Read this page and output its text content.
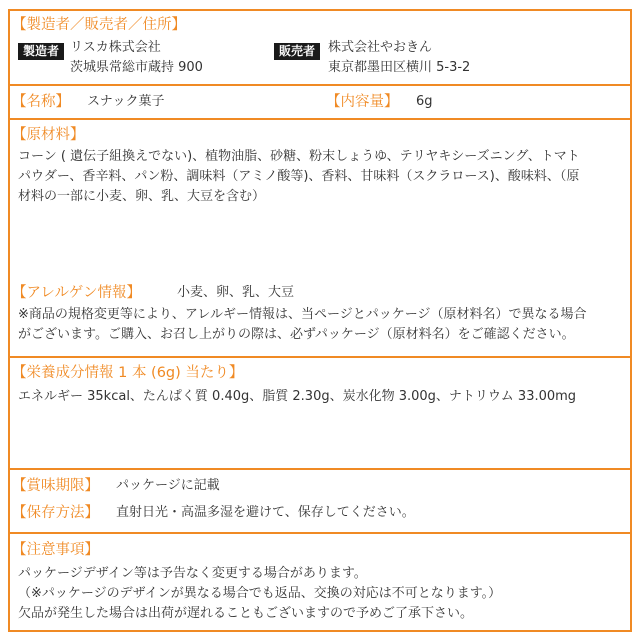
【製造者／販売者／住所】
製造者 リスカ株式会社
茨城県常総市蔵持 900
販売者 株式会社やおきん
東京都墨田区横川 5-3-2
【名称】 スナック菓子	【内容量】 6g
【原材料】
コーン ( 遺伝子組換えでない)、植物油脂、砂糖、粉末しょうゆ、テリヤキシーズニング、トマト
パウダー、香辛料、パン粉、調味料（アミノ酸等)、香料、甘味料（スクラロース)、酸味料、（原
材料の一部に小麦、卵、乳、大豆を含む）
【アレルゲン情報】	小麦、卵、乳、大豆
※商品の規格変更等により、アレルギー情報は、当ページとパッケージ（原材料名）で異なる場合
がございます。ご購入、お召し上がりの際は、必ずパッケージ（原材料名）をご確認ください。
【栄養成分情報 1 本 (6g) 当たり】
エネルギー 35kcal、たんぱく質 0.40g、脂質 2.30g、炭水化物 3.00g、ナトリウム 33.00mg
【賞味期限】 パッケージに記載
【保存方法】 直射日光・高温多湿を避けて、保存してください。
【注意事項】
パッケージデザイン等は予告なく変更する場合があります。
（※パッケージのデザインが異なる場合でも返品、交換の対応は不可となります。）
欠品が発生した場合は出荷が遅れることもございますので予めご了承下さい。
